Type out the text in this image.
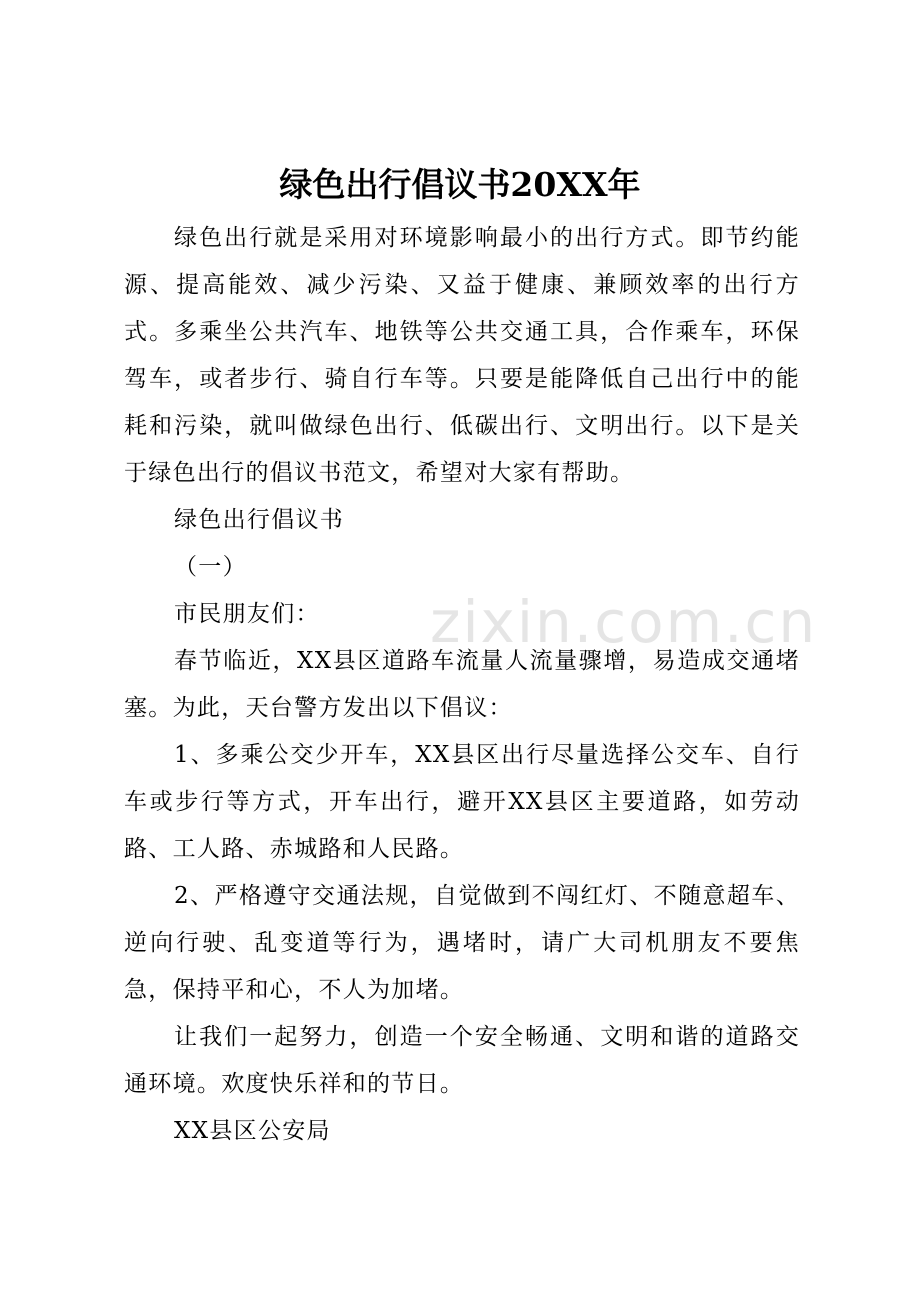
绿色出行倡议书20XX年

绿色出行就是采用对环境影响最小的出行方式。即节约能源、提高能效、减少污染、又益于健康、兼顾效率的出行方式。多乘坐公共汽车、地铁等公共交通工具，合作乘车，环保驾车，或者步行、骑自行车等。只要是能降低自己出行中的能耗和污染，就叫做绿色出行、低碳出行、文明出行。以下是关于绿色出行的倡议书范文，希望对大家有帮助。

绿色出行倡议书

（一）

市民朋友们：

春节临近，XX县区道路车流量人流量骤增，易造成交通堵塞。为此，天台警方发出以下倡议：

1、多乘公交少开车，XX县区出行尽量选择公交车、自行车或步行等方式，开车出行，避开XX县区主要道路，如劳动路、工人路、赤城路和人民路。

2、严格遵守交通法规，自觉做到不闯红灯、不随意超车、逆向行驶、乱变道等行为，遇堵时，请广大司机朋友不要焦急，保持平和心，不人为加堵。

让我们一起努力，创造一个安全畅通、文明和谐的道路交通环境。欢度快乐祥和的节日。

XX县区公安局

zixin.com.cn
